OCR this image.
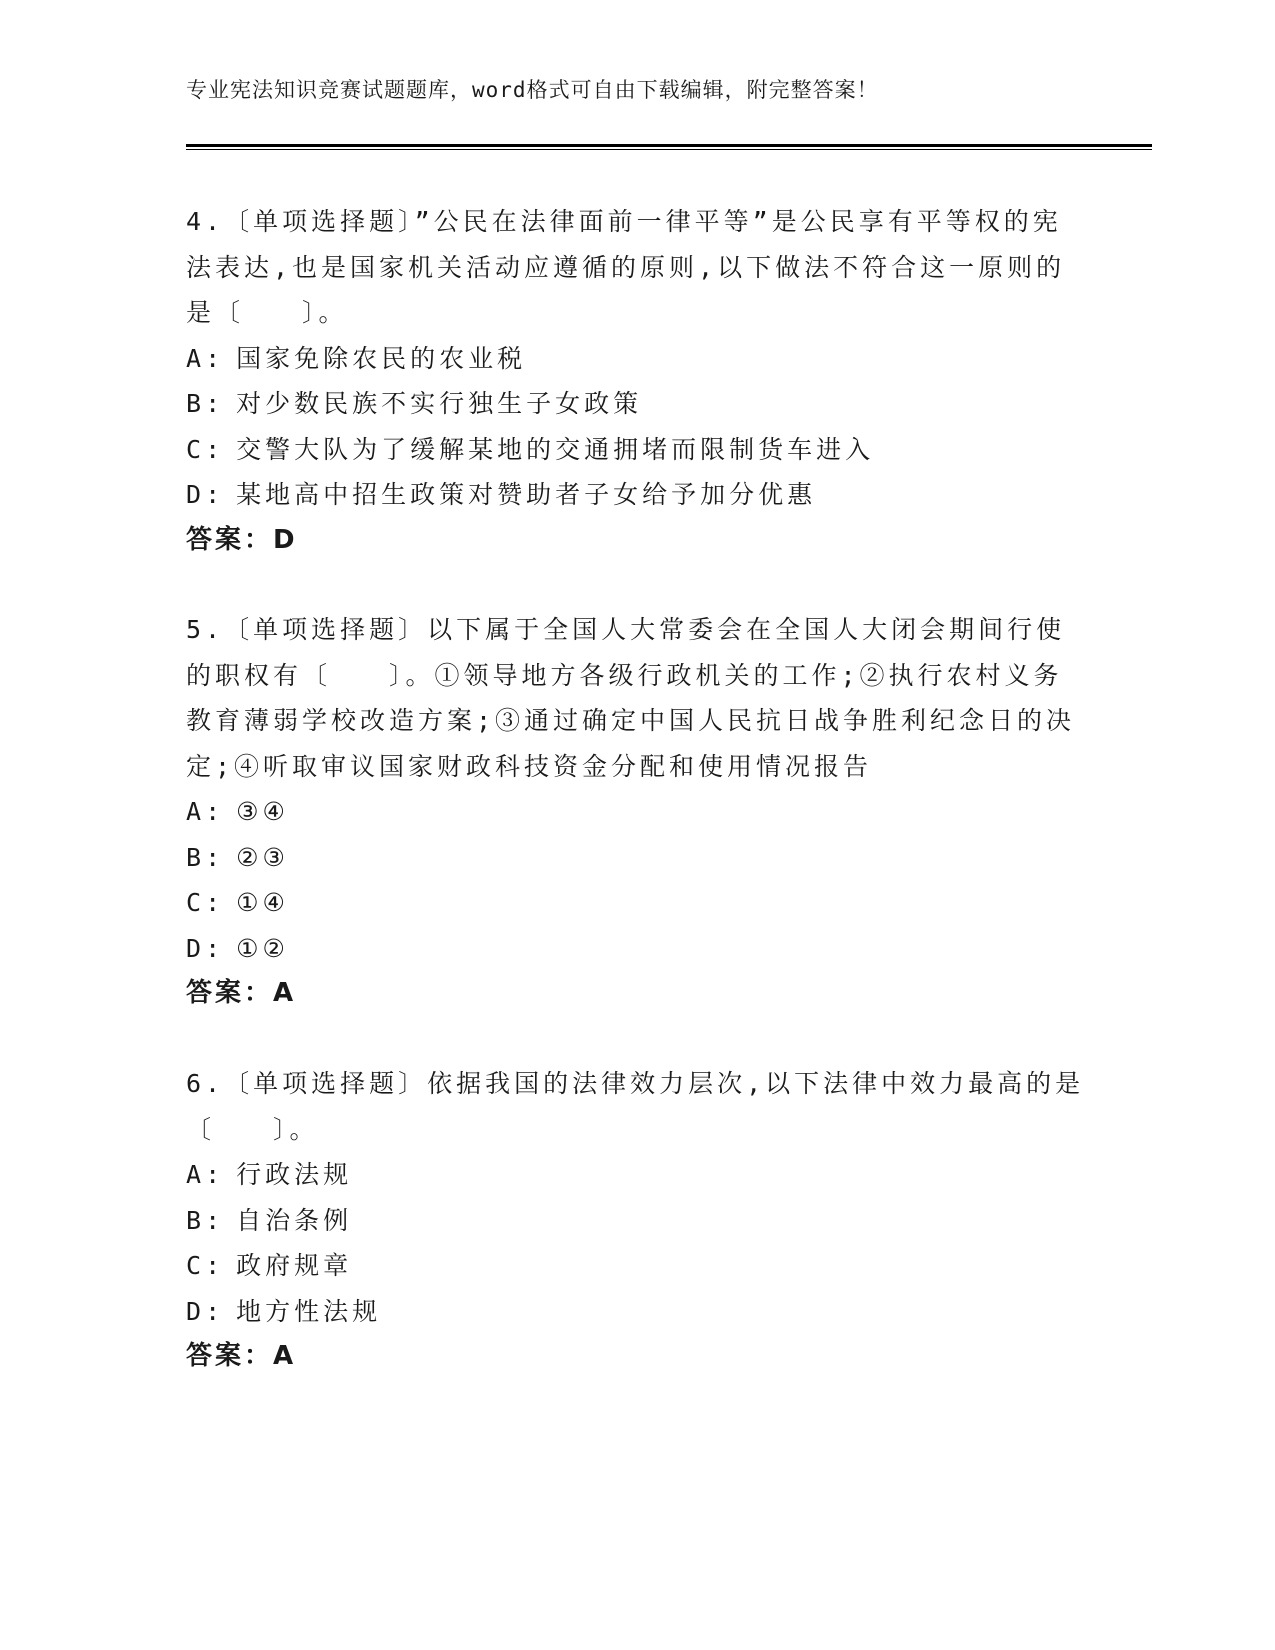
专业宪法知识竞赛试题题库，word格式可自由下载编辑，附完整答案！

4.〔单项选择题〕”公民在法律面前一律平等”是公民享有平等权的宪法表达,也是国家机关活动应遵循的原则,以下做法不符合这一原则的是〔　　〕。

A: 国家免除农民的农业税
B: 对少数民族不实行独生子女政策
C: 交警大队为了缓解某地的交通拥堵而限制货车进入
D: 某地高中招生政策对赞助者子女给予加分优惠
答案：D

5.〔单项选择题〕以下属于全国人大常委会在全国人大闭会期间行使的职权有〔　　〕。①领导地方各级行政机关的工作;②执行农村义务教育薄弱学校改造方案;③通过确定中国人民抗日战争胜利纪念日的决定;④听取审议国家财政科技资金分配和使用情况报告

A: ③④
B: ②③
C: ①④
D: ①②
答案：A

6.〔单项选择题〕依据我国的法律效力层次,以下法律中效力最高的是〔　　〕。

A: 行政法规
B: 自治条例
C: 政府规章
D: 地方性法规
答案：A
